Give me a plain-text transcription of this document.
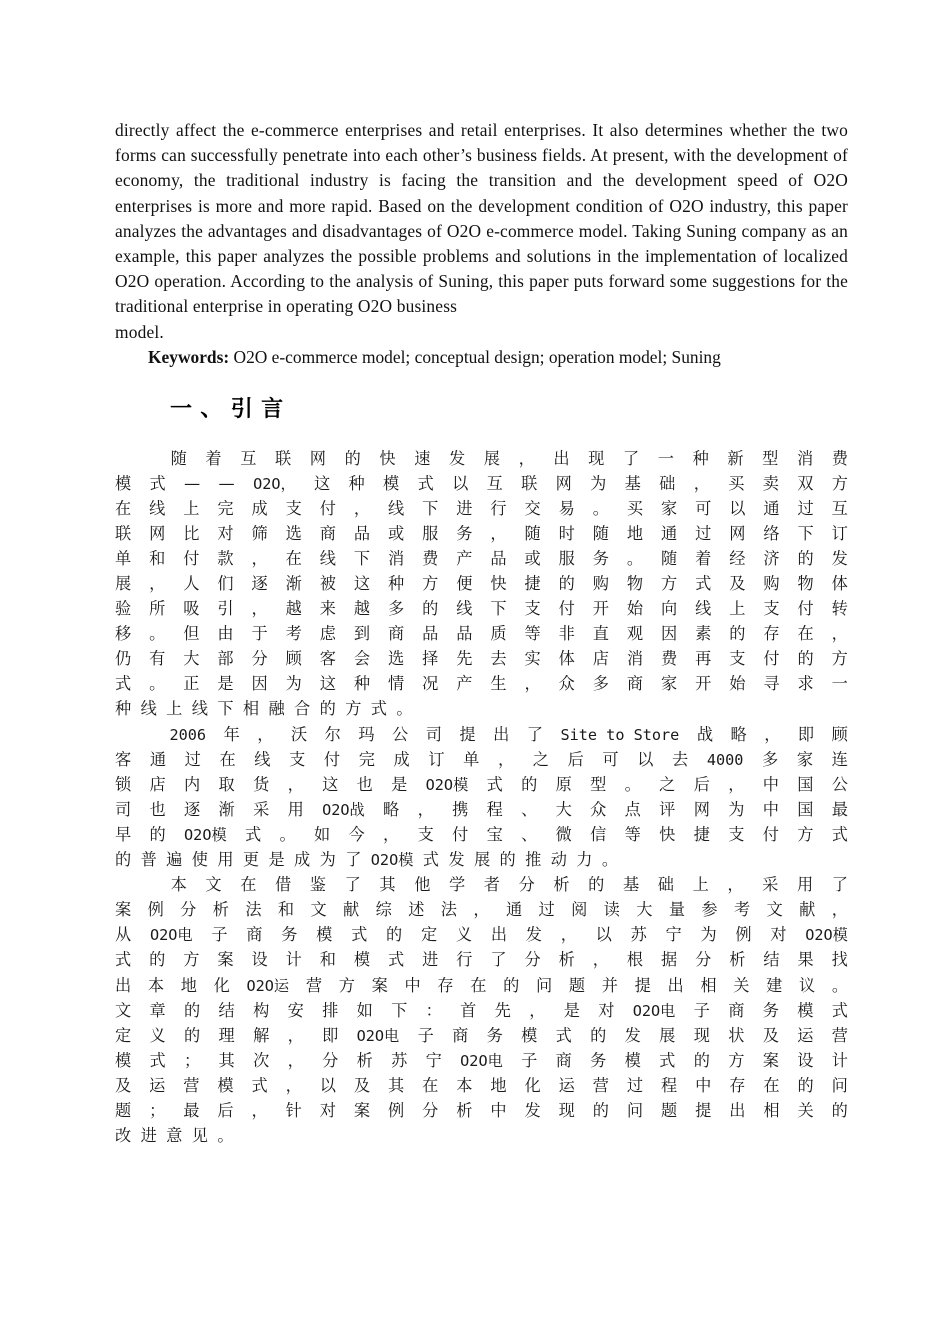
directly affect the e-commerce enterprises and retail enterprises. It also determines whether the two forms can successfully penetrate into each other’s business fields. At present, with the development of economy, the traditional industry is facing the transition and the development speed of O2O enterprises is more and more rapid. Based on the development condition of O2O industry, this paper analyzes the advantages and disadvantages of O2O e-commerce model. Taking Suning company as an example, this paper analyzes the possible problems and solutions in the implementation of localized O2O operation. According to the analysis of Suning, this paper puts forward some suggestions for the traditional enterprise in operating O2O business
model.
Keywords: O2O e-commerce model; conceptual design; operation model; Suning
一、引言
随 着 互 联 网 的 快 速 发 展 ， 出 现 了 一 种 新 型 消 费
模 式 — — O2O， 这 种 模 式 以 互 联 网 为 基 础 ， 买 卖 双 方
在 线 上 完 成 支 付 ， 线 下 进 行 交 易 。 买 家 可 以 通 过 互
联 网 比 对 筛 选 商 品 或 服 务 ， 随 时 随 地 通 过 网 络 下 订
单 和 付 款 ， 在 线 下 消 费 产 品 或 服 务 。 随 着 经 济 的 发
展 ， 人 们 逐 渐 被 这 种 方 便 快 捷 的 购 物 方 式 及 购 物 体
验 所 吸 引 ， 越 来 越 多 的 线 下 支 付 开 始 向 线 上 支 付 转
移 。 但 由 于 考 虑 到 商 品 品 质 等 非 直 观 因 素 的 存 在 ，
仍 有 大 部 分 顾 客 会 选 择 先 去 实 体 店 消 费 再 支 付 的 方
式 。 正 是 因 为 这 种 情 况 产 生 ， 众 多 商 家 开 始 寻 求 一
种 线 上 线 下 相 融 合 的 方 式 。
2006 年 ， 沃 尔 玛 公 司 提 出 了 Site to Store 战 略 ， 即 顾
客 通 过 在 线 支 付 完 成 订 单 ， 之 后 可 以 去 4000 多 家 连
锁 店 内 取 货 ， 这 也 是 O2O模 式 的 原 型 。 之 后 ， 中 国 公
司 也 逐 渐 采 用 O2O战 略 ， 携 程 、 大 众 点 评 网 为 中 国 最
早 的 O2O模 式 。 如 今 ， 支 付 宝 、 微 信 等 快 捷 支 付 方 式
的 普 遍 使 用 更 是 成 为 了 O2O模 式 发 展 的 推 动 力 。
本 文 在 借 鉴 了 其 他 学 者 分 析 的 基 础 上 ， 采 用 了
案 例 分 析 法 和 文 献 综 述 法 ， 通 过 阅 读 大 量 参 考 文 献 ，
从 O2O电 子 商 务 模 式 的 定 义 出 发 ， 以 苏 宁 为 例 对 O2O模
式 的 方 案 设 计 和 模 式 进 行 了 分 析 ， 根 据 分 析 结 果 找
出 本 地 化 O2O运 营 方 案 中 存 在 的 问 题 并 提 出 相 关 建 议 。
文 章 的 结 构 安 排 如 下 ： 首 先 ， 是 对 O2O电 子 商 务 模 式
定 义 的 理 解 ， 即 O2O电 子 商 务 模 式 的 发 展 现 状 及 运 营
模 式 ； 其 次 ， 分 析 苏 宁 O2O电 子 商 务 模 式 的 方 案 设 计
及 运 营 模 式 ， 以 及 其 在 本 地 化 运 营 过 程 中 存 在 的 问
题 ； 最 后 ， 针 对 案 例 分 析 中 发 现 的 问 题 提 出 相 关 的
改 进 意 见 。
